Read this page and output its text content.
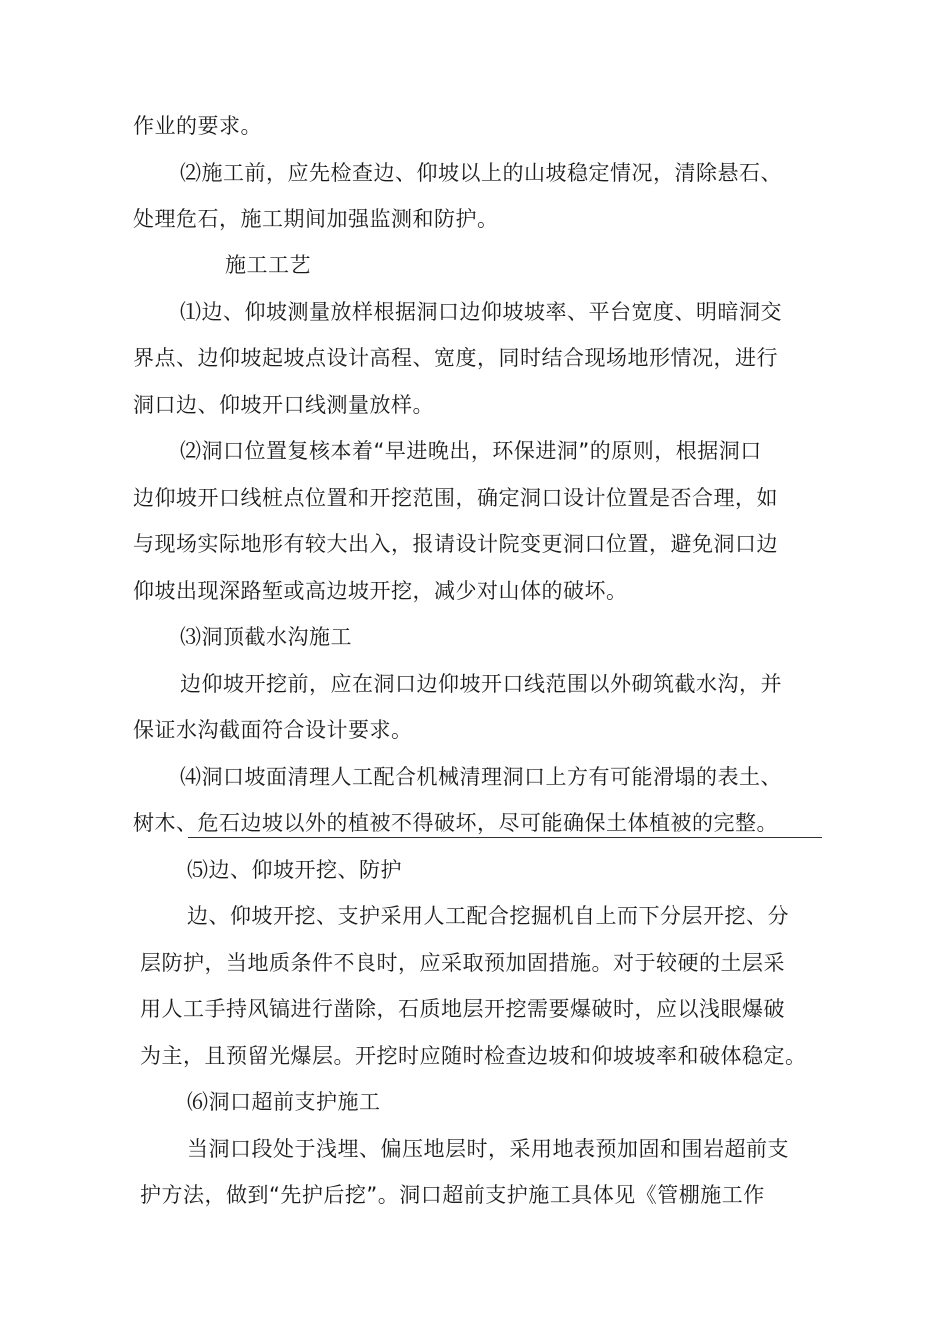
作业的要求。
⑵施工前，应先检查边、仰坡以上的山坡稳定情况，清除悬石、
处理危石，施工期间加强监测和防护。
施工工艺
⑴边、仰坡测量放样根据洞口边仰坡坡率、平台宽度、明暗洞交
界点、边仰坡起坡点设计高程、宽度，同时结合现场地形情况，进行
洞口边、仰坡开口线测量放样。
⑵洞口位置复核本着“早进晚出，环保进洞”的原则，根据洞口
边仰坡开口线桩点位置和开挖范围，确定洞口设计位置是否合理，如
与现场实际地形有较大出入，报请设计院变更洞口位置，避免洞口边
仰坡出现深路堑或高边坡开挖，减少对山体的破坏。
⑶洞顶截水沟施工
边仰坡开挖前，应在洞口边仰坡开口线范围以外砌筑截水沟，并
保证水沟截面符合设计要求。
⑷洞口坡面清理人工配合机械清理洞口上方有可能滑塌的表土、
树木、危石边坡以外的植被不得破坏，尽可能确保土体植被的完整。
⑸边、仰坡开挖、防护
边、仰坡开挖、支护采用人工配合挖掘机自上而下分层开挖、分
层防护，当地质条件不良时，应采取预加固措施。对于较硬的土层采
用人工手持风镐进行凿除，石质地层开挖需要爆破时，应以浅眼爆破
为主，且预留光爆层。开挖时应随时检查边坡和仰坡坡率和破体稳定。
⑹洞口超前支护施工
当洞口段处于浅埋、偏压地层时，采用地表预加固和围岩超前支
护方法，做到“先护后挖”。洞口超前支护施工具体见《管棚施工作
